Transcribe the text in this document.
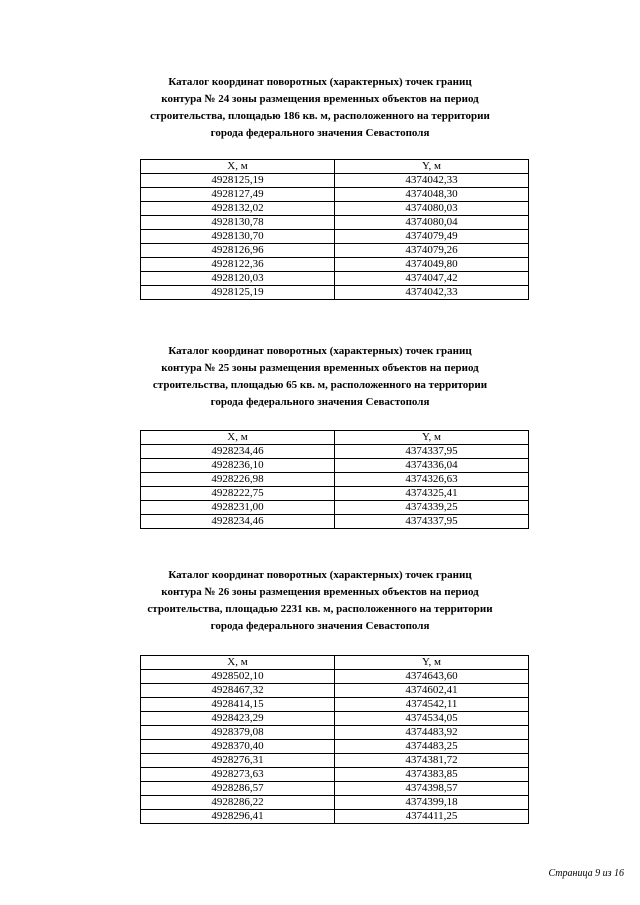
Каталог координат поворотных (характерных) точек границ
контура № 24 зоны размещения временных объектов на период
строительства, площадью 186 кв. м, расположенного на территории
города федерального значения Севастополя
X, м	Y, м
4928125,19	4374042,33
4928127,49	4374048,30
4928132,02	4374080,03
4928130,78	4374080,04
4928130,70	4374079,49
4928126,96	4374079,26
4928122,36	4374049,80
4928120,03	4374047,42
4928125,19	4374042,33
Каталог координат поворотных (характерных) точек границ
контура № 25 зоны размещения временных объектов на период
строительства, площадью 65 кв. м, расположенного на территории
города федерального значения Севастополя
X, м	Y, м
4928234,46	4374337,95
4928236,10	4374336,04
4928226,98	4374326,63
4928222,75	4374325,41
4928231,00	4374339,25
4928234,46	4374337,95
Каталог координат поворотных (характерных) точек границ
контура № 26 зоны размещения временных объектов на период
строительства, площадью 2231 кв. м, расположенного на территории
города федерального значения Севастополя
X, м	Y, м
4928502,10	4374643,60
4928467,32	4374602,41
4928414,15	4374542,11
4928423,29	4374534,05
4928379,08	4374483,92
4928370,40	4374483,25
4928276,31	4374381,72
4928273,63	4374383,85
4928286,57	4374398,57
4928286,22	4374399,18
4928296,41	4374411,25
Страница 9 из 16
